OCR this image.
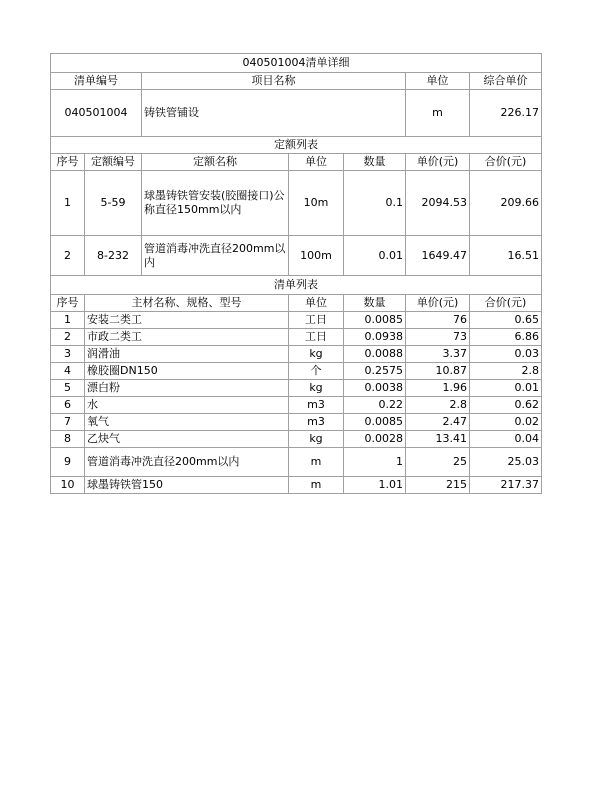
040501004清单详细						
清单编号		项目名称			单位	综合单价
040501004		铸铁管铺设			m	226.17
定额列表						
序号	定额编号	定额名称	单位	数量	单价(元)	合价(元)
1	5-59	球墨铸铁管安装(胶圈接口)公称直径150mm以内	10m	0.1	2094.53	209.66
2	8-232	管道消毒冲洗直径200mm以内	100m	0.01	1649.47	16.51
清单列表						
序号	主材名称、规格、型号		单位	数量	单价(元)	合价(元)
1	安装二类工		工日	0.0085	76	0.65
2	市政二类工		工日	0.0938	73	6.86
3	润滑油		kg	0.0088	3.37	0.03
4	橡胶圈DN150		个	0.2575	10.87	2.8
5	漂白粉		kg	0.0038	1.96	0.01
6	水		m3	0.22	2.8	0.62
7	氧气		m3	0.0085	2.47	0.02
8	乙炔气		kg	0.0028	13.41	0.04
9	管道消毒冲洗直径200mm以内		m	1	25	25.03
10	球墨铸铁管150		m	1.01	215	217.37
